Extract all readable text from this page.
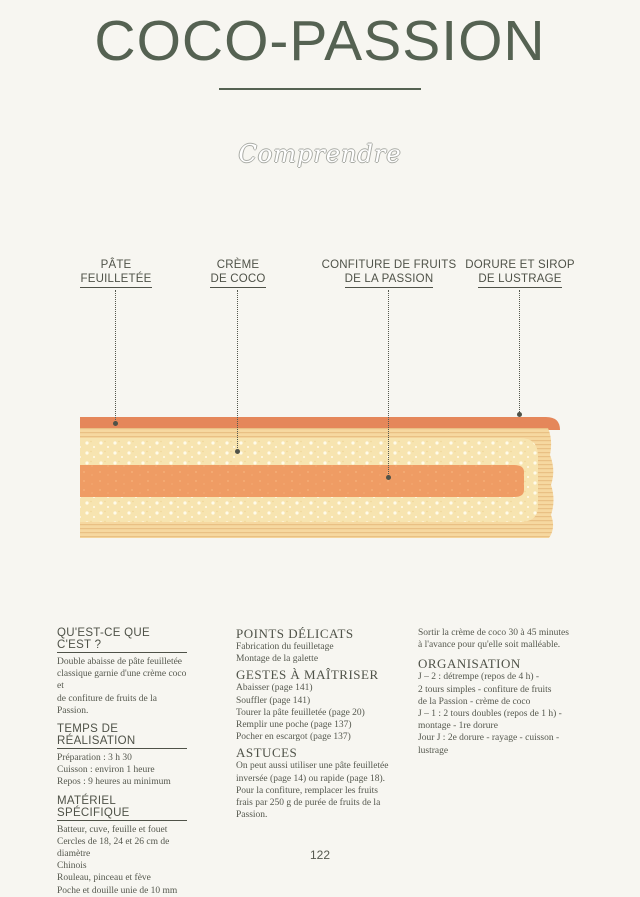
COCO-PASSION
Comprendre
PÂTE
FEUILLETÉE
CRÈME
DE COCO
CONFITURE DE FRUITS
DE LA PASSION
DORURE ET SIROP
DE LUSTRAGE
QU'EST-CE QUE C'EST ?
Double abaisse de pâte feuilletée
classique garnie d'une crème coco et
de confiture de fruits de la Passion.
TEMPS DE RÉALISATION
Préparation : 3 h 30
Cuisson : environ 1 heure
Repos : 9 heures au minimum
MATÉRIEL SPÉCIFIQUE
Batteur, cuve, feuille et fouet
Cercles de 18, 24 et 26 cm de diamètre
Chinois
Rouleau, pinceau et fève
Poche et douille unie de 10 mm
POINTS DÉLICATS
Fabrication du feuilletage
Montage de la galette
GESTES À MAÎTRISER
Abaisser (page 141)
Souffler (page 141)
Tourer la pâte feuilletée (page 20)
Remplir une poche (page 137)
Pocher en escargot (page 137)
ASTUCES
On peut aussi utiliser une pâte feuilletée
inversée (page 14) ou rapide (page 18).
Pour la confiture, remplacer les fruits
frais par 250 g de purée de fruits de la
Passion.
Sortir la crème de coco 30 à 45 minutes
à l'avance pour qu'elle soit malléable.
ORGANISATION
J – 2 : détrempe (repos de 4 h) -
2 tours simples - confiture de fruits
de la Passion - crème de coco
J – 1 : 2 tours doubles (repos de 1 h) -
montage - 1re dorure
Jour J : 2e dorure - rayage - cuisson -
lustrage
122
